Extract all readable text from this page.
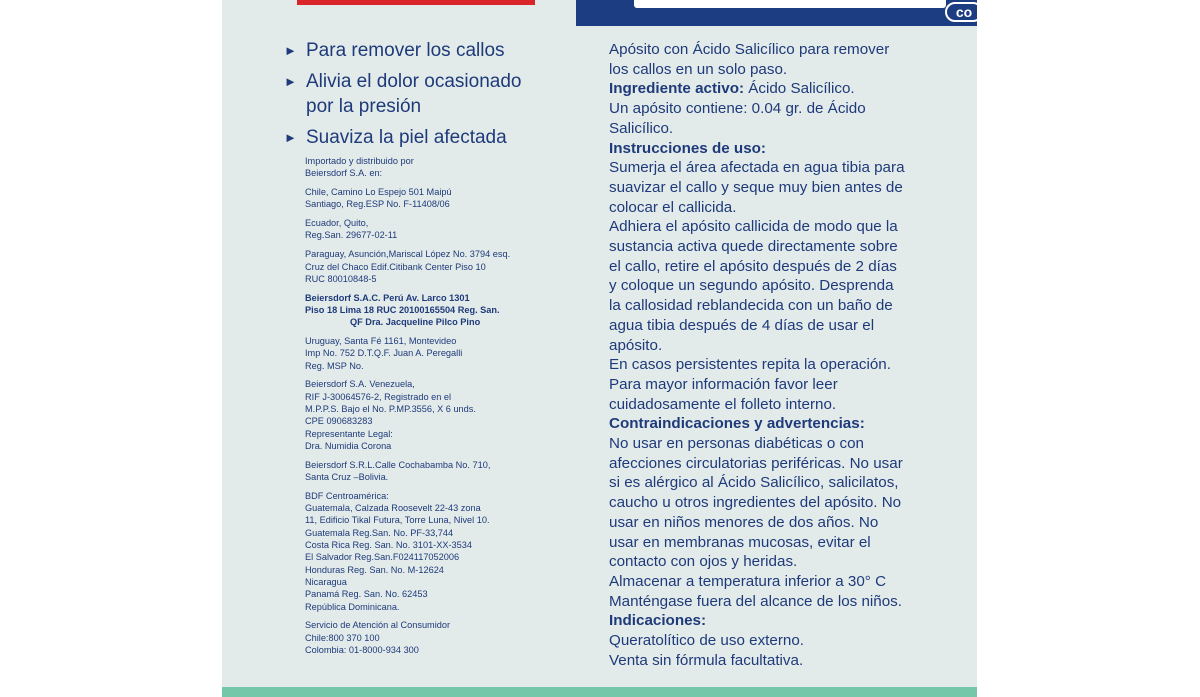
co	Apósitos para Callos
► Para remover los callos
► Alivia el dolor ocasionado
por la presión
► Suaviza la piel afectada

Importado y distribuido por
Beiersdorf S.A. en:

Chile, Camino Lo Espejo 501 Maipú
Santiago, Reg.ESP No. F-11408/06

Ecuador, Quito,
Reg.San. 29677-02-11

Paraguay, Asunción,Mariscal López No. 3794 esq.
Cruz del Chaco Edif.Citibank Center Piso 10
RUC 80010848-5

Beiersdorf S.A.C. Perú Av. Larco 1301
Piso 18 Lima 18 RUC 20100165504 Reg. San.
QF Dra. Jacqueline Pilco Pino

Uruguay, Santa Fé 1161, Montevideo
Imp No. 752 D.T.Q.F. Juan A. Peregalli
Reg. MSP No.

Beiersdorf S.A. Venezuela,
RIF J-30064576-2, Registrado en el
M.P.P.S. Bajo el No. P.MP.3556, X 6 unds.
CPE 090683283
Representante Legal:
Dra. Numidia Corona

Beiersdorf S.R.L.Calle Cochabamba No. 710,
Santa Cruz –Bolivia.

BDF Centroamérica:
Guatemala, Calzada Roosevelt 22-43 zona
11, Edificio Tikal Futura, Torre Luna, Nivel 10.
Guatemala Reg.San. No. PF-33,744
Costa Rica Reg. San. No. 3101-XX-3534
El Salvador Reg.San.F024117052006
Honduras Reg. San. No. M-12624
Nicaragua
Panamá Reg. San. No. 62453
República Dominicana.

Servicio de Atención al Consumidor
Chile:800 370 100
Colombia: 01-8000-934 300

Apósito con Ácido Salicílico para remover
los callos en un solo paso.
Ingrediente activo: Ácido Salicílico.
Un apósito contiene: 0.04 gr. de Ácido
Salicílico.
Instrucciones de uso:
Sumerja el área afectada en agua tibia para
suavizar el callo y seque muy bien antes de
colocar el callicida.
Adhiera el apósito callicida de modo que la
sustancia activa quede directamente sobre
el callo, retire el apósito después de 2 días
y coloque un segundo apósito. Desprenda
la callosidad reblandecida con un baño de
agua tibia después de 4 días de usar el
apósito.
En casos persistentes repita la operación.
Para mayor información favor leer
cuidadosamente el folleto interno.
Contraindicaciones y advertencias:
No usar en personas diabéticas o con
afecciones circulatorias periféricas. No usar
si es alérgico al Ácido Salicílico, salicilatos,
caucho u otros ingredientes del apósito. No
usar en niños menores de dos años. No
usar en membranas mucosas, evitar el
contacto con ojos y heridas.
Almacenar a temperatura inferior a 30° C
Manténgase fuera del alcance de los niños.
Indicaciones:
Queratolítico de uso externo.
Venta sin fórmula facultativa.
